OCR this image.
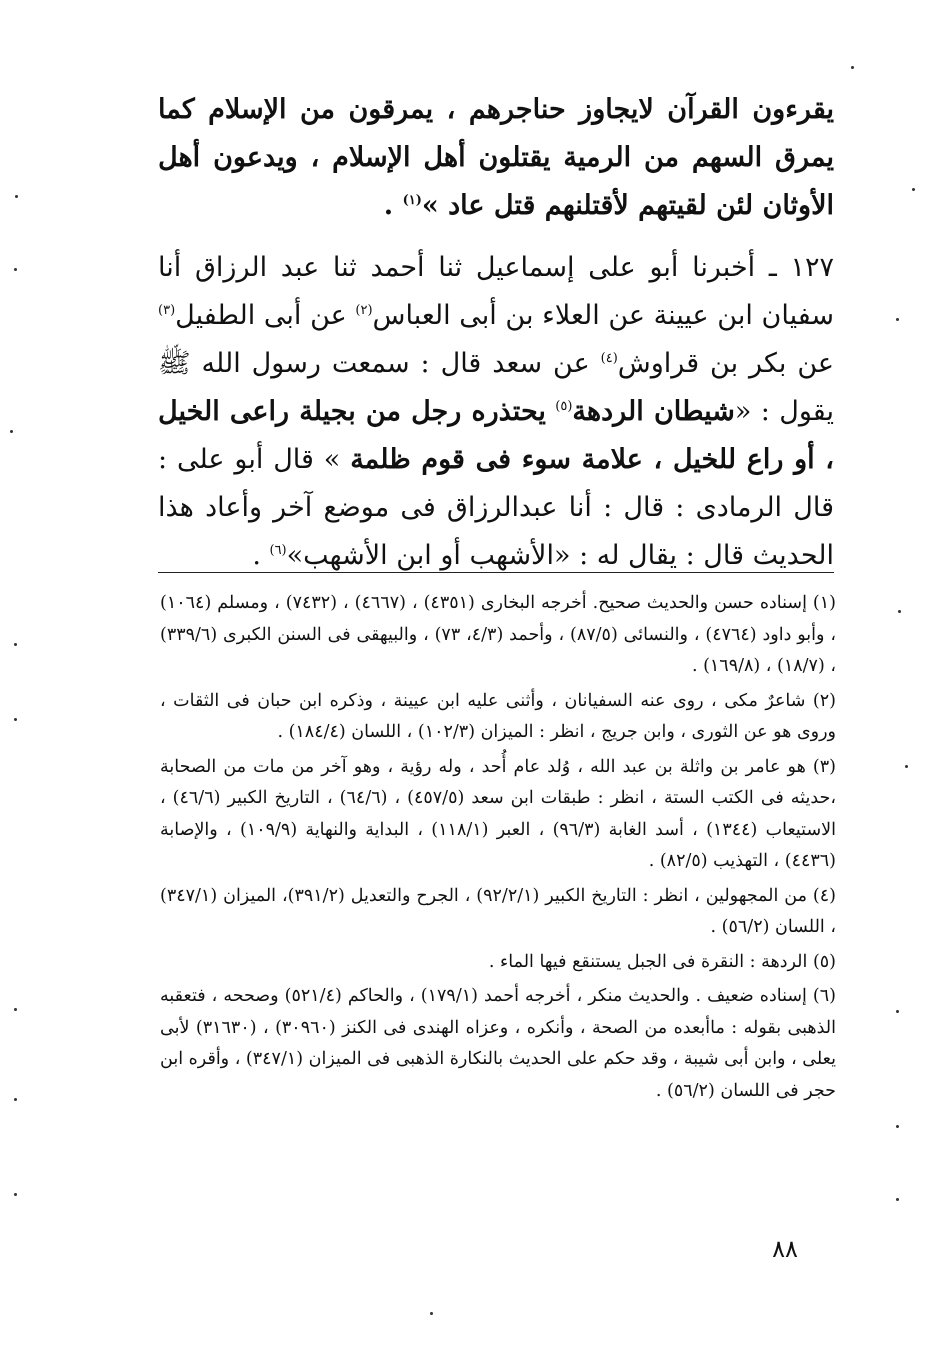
يقرءون القرآن لايجاوز حناجرهم ، يمرقون من الإسلام كما يمرق السهم من الرمية يقتلون أهل الإسلام ، ويدعون أهل الأوثان لئن لقيتهم لأقتلنهم قتل عاد »$^{(١)}$ .

١٢٧ ـ أخبرنا أبو على إسماعيل ثنا أحمد ثنا عبد الرزاق أنا سفيان ابن عيينة عن العلاء بن أبى العباس$^{(٢)}$ عن أبى الطفيل$^{(٣)}$ عن بكر بن قراوش$^{(٤)}$ عن سعد قال : سمعت رسول الله ﷺ يقول : «شيطان الردهة$^{(٥)}$ يحتذره رجل من بجيلة راعى الخيل ، أو راع للخيل ، علامة سوء فى قوم ظلمة » قال أبو على : قال الرمادى : قال : أنا عبدالرزاق فى موضع آخر وأعاد هذا الحديث قال : يقال له : «الأشهب أو ابن الأشهب»$^{(٦)}$ .

(١) إسناده حسن والحديث صحيح. أخرجه البخارى (٤٣٥١) ، (٤٦٦٧) ، (٧٤٣٢) ، ومسلم (١٠٦٤) ، وأبو داود (٤٧٦٤) ، والنسائى (٨٧/٥) ، وأحمد (٤/٣، ٧٣) ، والبيهقى فى السنن الكبرى (٣٣٩/٦) ، (١٨/٧) ، (١٦٩/٨) .

(٢) شاعرٌ مكى ، روى عنه السفيانان ، وأثنى عليه ابن عيينة ، وذكره ابن حبان فى الثقات ، وروى هو عن الثورى ، وابن جريج ، انظر : الميزان (١٠٢/٣) ، اللسان (١٨٤/٤) .

(٣) هو عامر بن واثلة بن عبد الله ، وُلد عام أُحد ، وله رؤية ، وهو آخر من مات من الصحابة ،حديثه فى الكتب الستة ، انظر : طبقات ابن سعد (٤٥٧/٥) ، (٦٤/٦) ، التاريخ الكبير (٤٦/٦) ، الاستيعاب (١٣٤٤) ، أسد الغابة (٩٦/٣) ، العبر (١١٨/١) ، البداية والنهاية (١٠٩/٩) ، والإصابة (٤٤٣٦) ، التهذيب (٨٢/٥) .

(٤) من المجهولين ، انظر : التاريخ الكبير (٩٢/٢/١) ، الجرح والتعديل (٣٩١/٢)، الميزان (٣٤٧/١) ، اللسان (٥٦/٢) .

(٥) الردهة : النقرة فى الجبل يستنقع فيها الماء .

(٦) إسناده ضعيف . والحديث منكر ، أخرجه أحمد (١٧٩/١) ، والحاكم (٥٢١/٤) وصححه ، فتعقبه الذهبى بقوله : ماأبعده من الصحة ، وأنكره ، وعزاه الهندى فى الكنز (٣٠٩٦٠) ، (٣١٦٣٠) لأبى يعلى ، وابن أبى شيبة ، وقد حكم على الحديث بالنكارة الذهبى فى الميزان (٣٤٧/١) ، وأقره ابن حجر فى اللسان (٥٦/٢) .

٨٨
